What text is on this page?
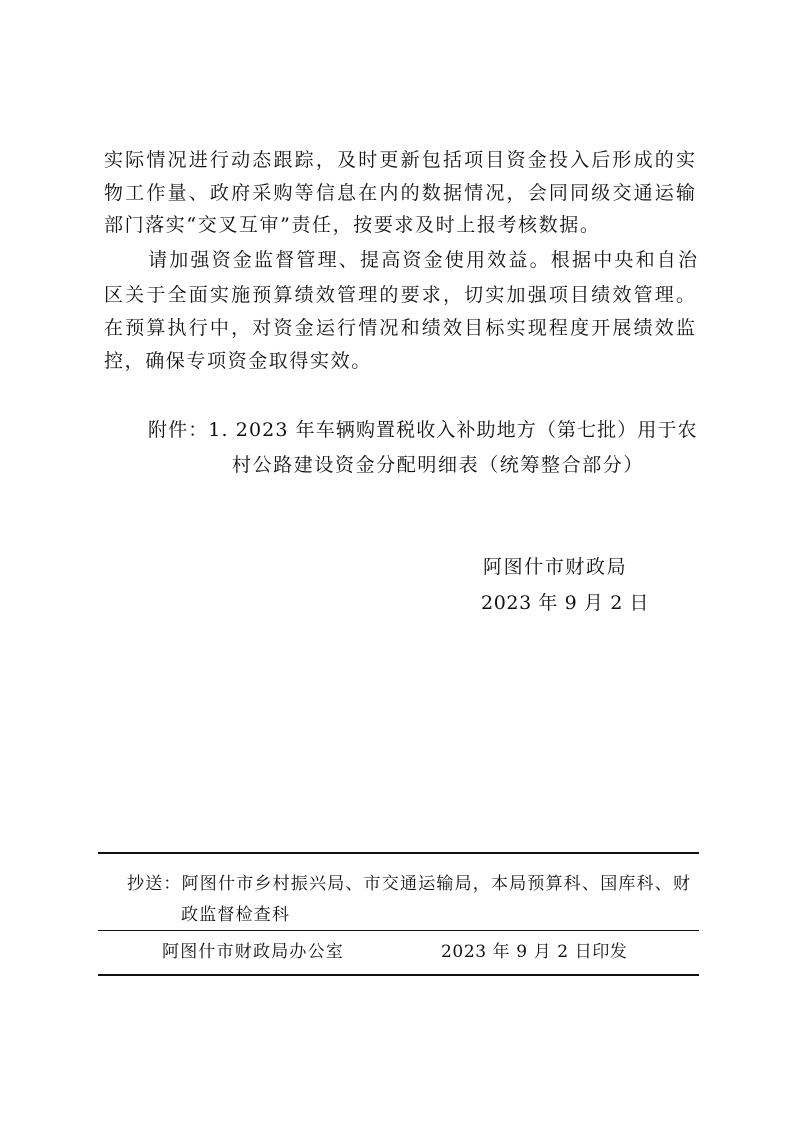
实际情况进行动态跟踪，及时更新包括项目资金投入后形成的实
物工作量、政府采购等信息在内的数据情况，会同同级交通运输
部门落实“交叉互审”责任，按要求及时上报考核数据。
请加强资金监督管理、提高资金使用效益。根据中央和自治
区关于全面实施预算绩效管理的要求，切实加强项目绩效管理。
在预算执行中，对资金运行情况和绩效目标实现程度开展绩效监
控，确保专项资金取得实效。
附件：1. 2023 年车辆购置税收入补助地方（第七批）用于农
村公路建设资金分配明细表（统筹整合部分）
阿图什市财政局
2023 年 9 月 2 日
抄送：阿图什市乡村振兴局、市交通运输局，本局预算科、国库科、财
政监督检查科
阿图什市财政局办公室	2023 年 9 月 2 日印发
